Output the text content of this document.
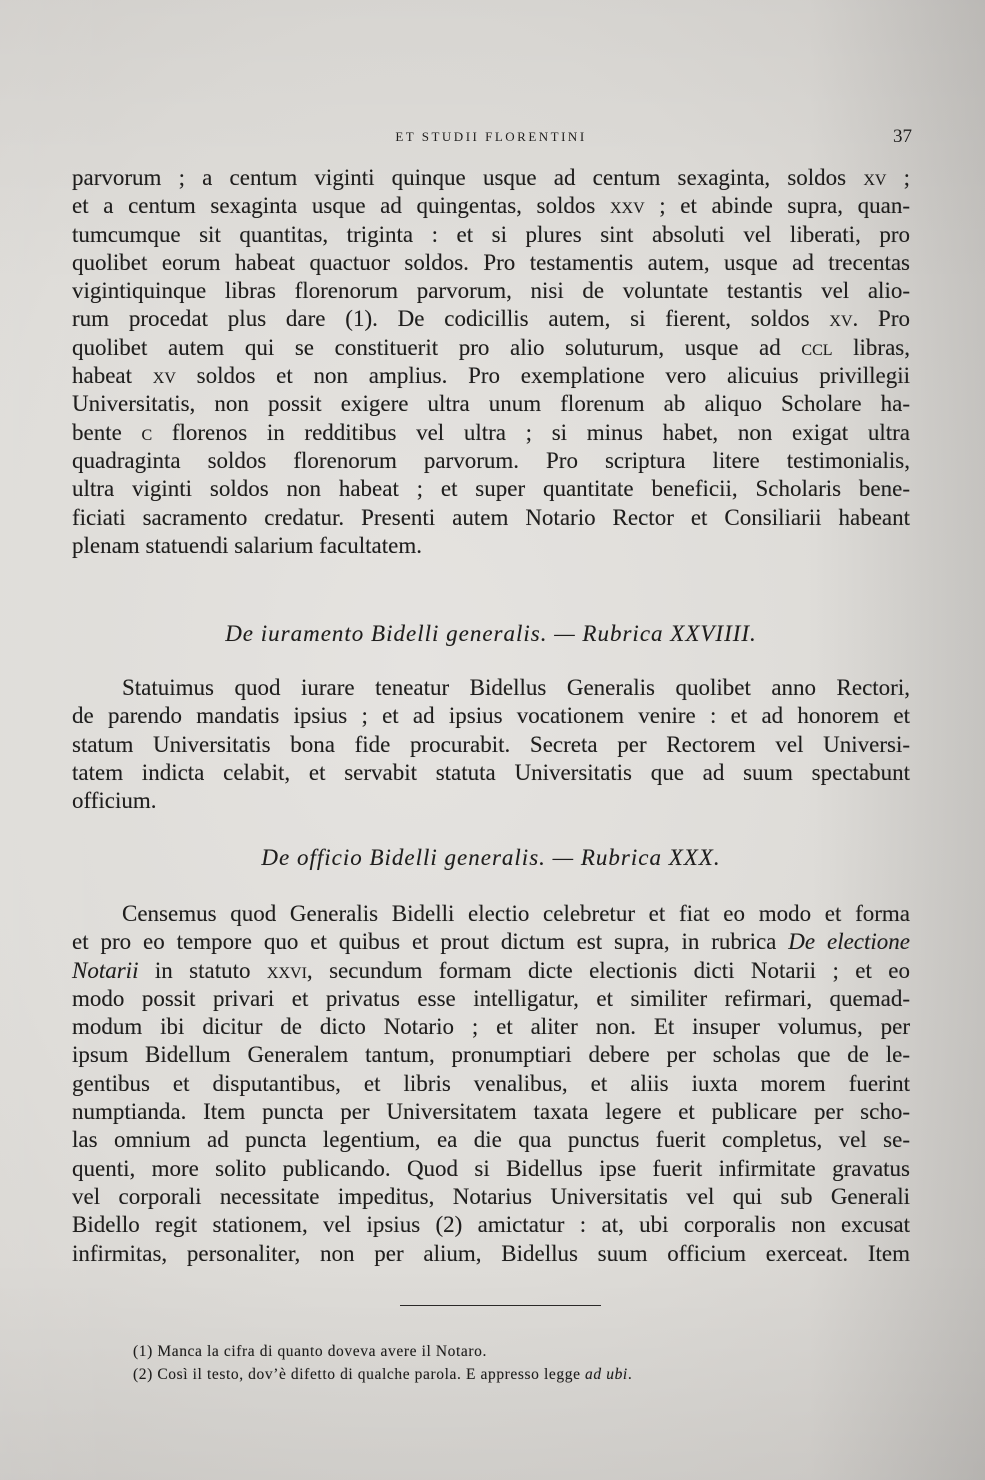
ET STUDII FLORENTINI	37
parvorum ; a centum viginti quinque usque ad centum sexaginta, soldos xv ;
et a centum sexaginta usque ad quingentas, soldos xxv ; et abinde supra, quan-
tumcumque sit quantitas, triginta : et si plures sint absoluti vel liberati, pro
quolibet eorum habeat quactuor soldos. Pro testamentis autem, usque ad trecentas
vigintiquinque libras florenorum parvorum, nisi de voluntate testantis vel alio-
rum procedat plus dare (1). De codicillis autem, si fierent, soldos xv. Pro
quolibet autem qui se constituerit pro alio soluturum, usque ad ccl libras,
habeat xv soldos et non amplius. Pro exemplatione vero alicuius privillegii
Universitatis, non possit exigere ultra unum florenum ab aliquo Scholare ha-
bente c florenos in redditibus vel ultra ; si minus habet, non exigat ultra
quadraginta soldos florenorum parvorum. Pro scriptura litere testimonialis,
ultra viginti soldos non habeat ; et super quantitate beneficii, Scholaris bene-
ficiati sacramento credatur. Presenti autem Notario Rector et Consiliarii habeant
plenam statuendi salarium facultatem.
De iuramento Bidelli generalis. — Rubrica XXVIIII.
Statuimus quod iurare teneatur Bidellus Generalis quolibet anno Rectori,
de parendo mandatis ipsius ; et ad ipsius vocationem venire : et ad honorem et
statum Universitatis bona fide procurabit. Secreta per Rectorem vel Universi-
tatem indicta celabit, et servabit statuta Universitatis que ad suum spectabunt
officium.
De officio Bidelli generalis. — Rubrica XXX.
Censemus quod Generalis Bidelli electio celebretur et fiat eo modo et forma
et pro eo tempore quo et quibus et prout dictum est supra, in rubrica De electione
Notarii in statuto xxvi, secundum formam dicte electionis dicti Notarii ; et eo
modo possit privari et privatus esse intelligatur, et similiter refirmari, quemad-
modum ibi dicitur de dicto Notario ; et aliter non. Et insuper volumus, per
ipsum Bidellum Generalem tantum, pronumptiari debere per scholas que de le-
gentibus et disputantibus, et libris venalibus, et aliis iuxta morem fuerint
numptianda. Item puncta per Universitatem taxata legere et publicare per scho-
las omnium ad puncta legentium, ea die qua punctus fuerit completus, vel se-
quenti, more solito publicando. Quod si Bidellus ipse fuerit infirmitate gravatus
vel corporali necessitate impeditus, Notarius Universitatis vel qui sub Generali
Bidello regit stationem, vel ipsius (2) amictatur : at, ubi corporalis non excusat
infirmitas, personaliter, non per alium, Bidellus suum officium exerceat. Item
(1) Manca la cifra di quanto doveva avere il Notaro.
(2) Così il testo, dov’è difetto di qualche parola. E appresso legge ad ubi.
